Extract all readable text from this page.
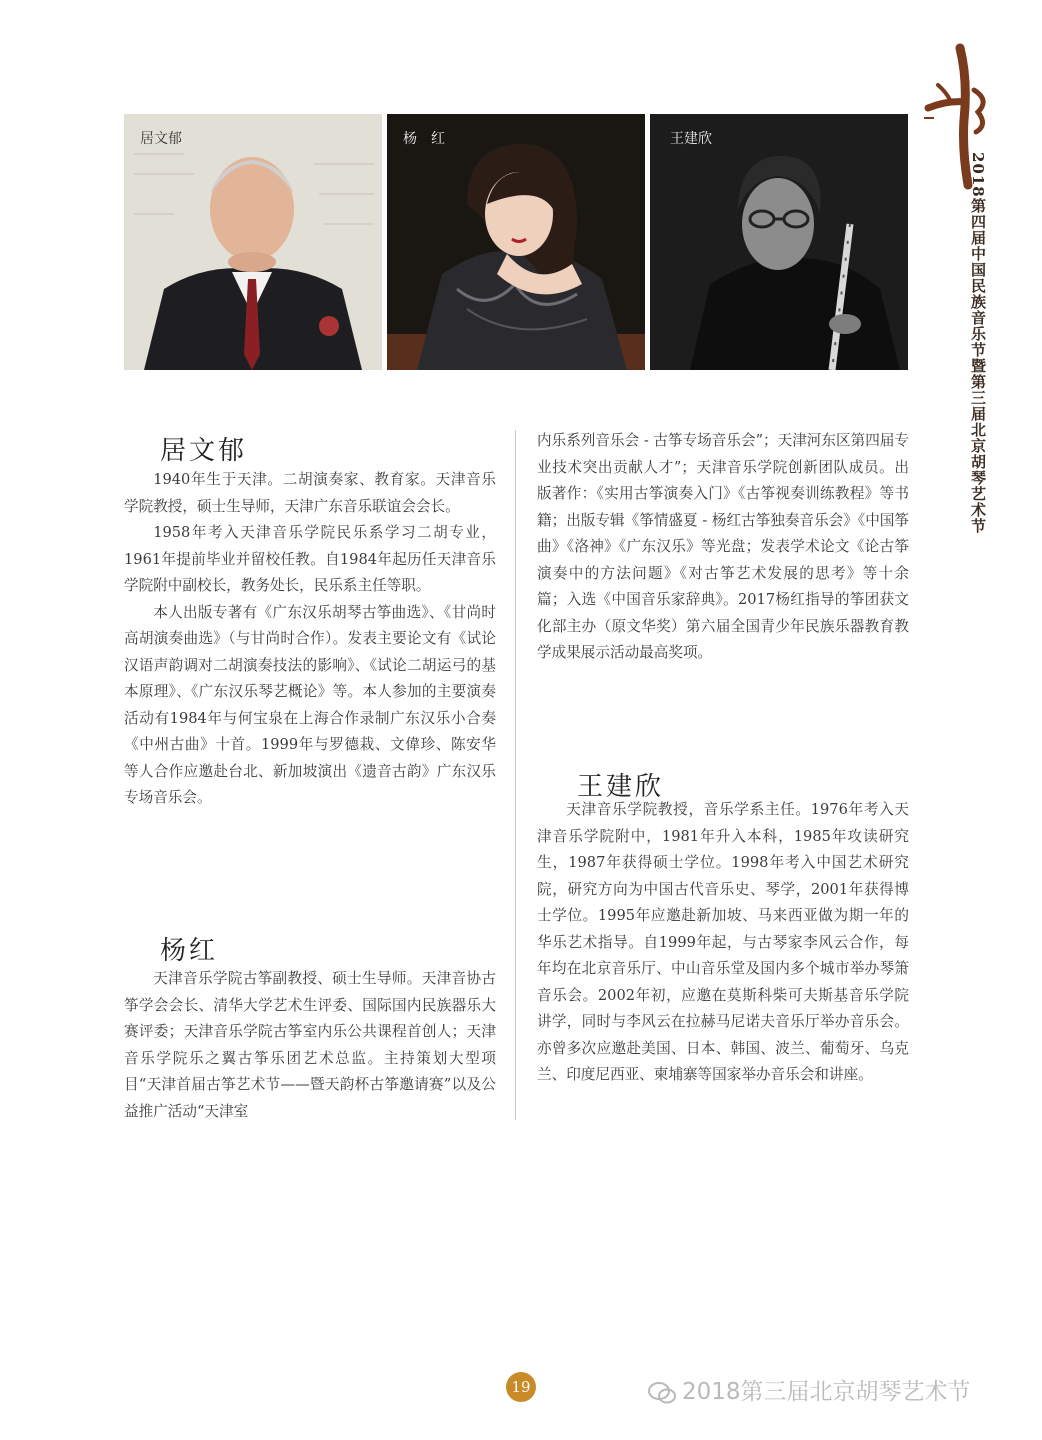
居文郁	杨　红	王建欣
2018第四届中国民族音乐节暨第三届北京胡琴艺术节
居文郁

1940年生于天津。二胡演奏家、教育家。天津音乐学院教授，硕士生导师，天津广东音乐联谊会会长。

1958年考入天津音乐学院民乐系学习二胡专业，1961年提前毕业并留校任教。自1984年起历任天津音乐学院附中副校长，教务处长，民乐系主任等职。

本人出版专著有《广东汉乐胡琴古筝曲选》、《甘尚时高胡演奏曲选》（与甘尚时合作）。发表主要论文有《试论汉语声韵调对二胡演奏技法的影响》、《试论二胡运弓的基本原理》、《广东汉乐琴艺概论》等。本人参加的主要演奏活动有1984年与何宝泉在上海合作录制广东汉乐小合奏《中州古曲》十首。1999年与罗德栽、文偉珍、陈安华等人合作应邀赴台北、新加坡演出《遗音古韵》广东汉乐专场音乐会。

杨红

天津音乐学院古筝副教授、硕士生导师。天津音协古筝学会会长、清华大学艺术生评委、国际国内民族器乐大赛评委；天津音乐学院古筝室内乐公共课程首创人；天津音乐学院乐之翼古筝乐团艺术总监。主持策划大型项目“天津首届古筝艺术节——暨天韵杯古筝邀请赛”以及公益推广活动“天津室

内乐系列音乐会 - 古筝专场音乐会”；天津河东区第四届专业技术突出贡献人才”；天津音乐学院创新团队成员。出版著作：《实用古筝演奏入门》《古筝视奏训练教程》等书籍；出版专辑《筝情盛夏 - 杨红古筝独奏音乐会》《中国筝曲》《洛神》《广东汉乐》等光盘；发表学术论文《论古筝演奏中的方法问题》《对古筝艺术发展的思考》等十余篇；入选《中国音乐家辞典》。2017杨红指导的筝团获文化部主办（原文华奖）第六届全国青少年民族乐器教育教学成果展示活动最高奖项。

王建欣

天津音乐学院教授，音乐学系主任。1976年考入天津音乐学院附中，1981年升入本科，1985年攻读研究生，1987年获得硕士学位。1998年考入中国艺术研究院，研究方向为中国古代音乐史、琴学，2001年获得博士学位。1995年应邀赴新加坡、马来西亚做为期一年的华乐艺术指导。自1999年起，与古琴家李风云合作，每年均在北京音乐厅、中山音乐堂及国内多个城市举办琴箫音乐会。2002年初，应邀在莫斯科柴可夫斯基音乐学院讲学，同时与李风云在拉赫马尼诺夫音乐厅举办音乐会。亦曾多次应邀赴美国、日本、韩国、波兰、葡萄牙、乌克兰、印度尼西亚、柬埔寨等国家举办音乐会和讲座。

19	2018第三届北京胡琴艺术节
